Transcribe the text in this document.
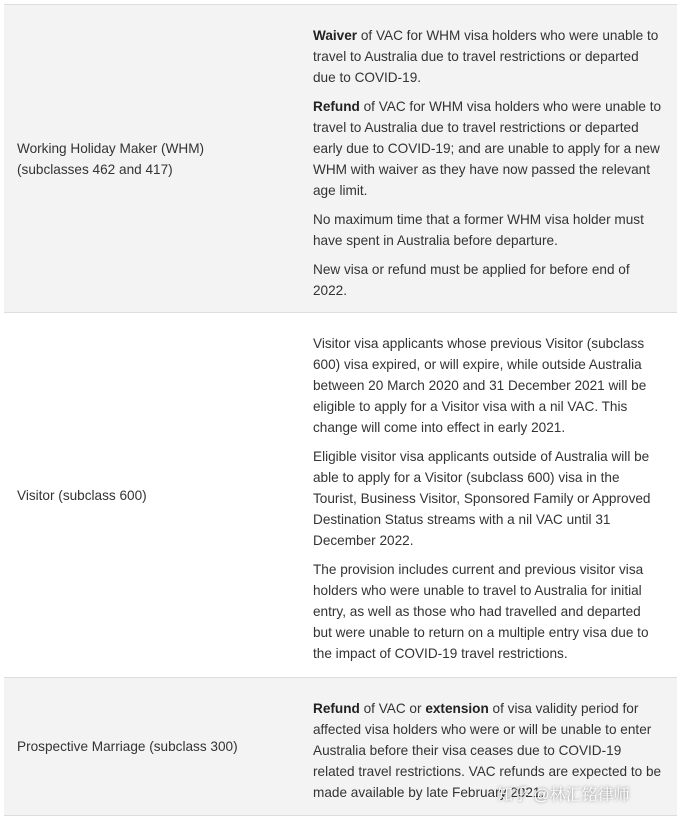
Working Holiday Maker (WHM)
(subclasses 462 and 417)

Waiver of VAC for WHM visa holders who were unable to travel to Australia due to travel restrictions or departed due to COVID-19.

Refund of VAC for WHM visa holders who were unable to travel to Australia due to travel restrictions or departed early due to COVID-19; and are unable to apply for a new WHM with waiver as they have now passed the relevant age limit.

No maximum time that a former WHM visa holder must have spent in Australia before departure.

New visa or refund must be applied for before end of 2022.

Visitor (subclass 600)

Visitor visa applicants whose previous Visitor (subclass 600) visa expired, or will expire, while outside Australia between 20 March 2020 and 31 December 2021 will be eligible to apply for a Visitor visa with a nil VAC. This change will come into effect in early 2021.

Eligible visitor visa applicants outside of Australia will be able to apply for a Visitor (subclass 600) visa in the Tourist, Business Visitor, Sponsored Family or Approved Destination Status streams with a nil VAC until 31 December 2022.

The provision includes current and previous visitor visa holders who were unable to travel to Australia for initial entry, as well as those who had travelled and departed but were unable to return on a multiple entry visa due to the impact of COVID-19 travel restrictions.

Prospective Marriage (subclass 300)

Refund of VAC or extension of visa validity period for affected visa holders who were or will be unable to enter Australia before their visa ceases due to COVID-19 related travel restrictions. VAC refunds are expected to be made available by late February 2021.

知乎 @林汇铭律师
